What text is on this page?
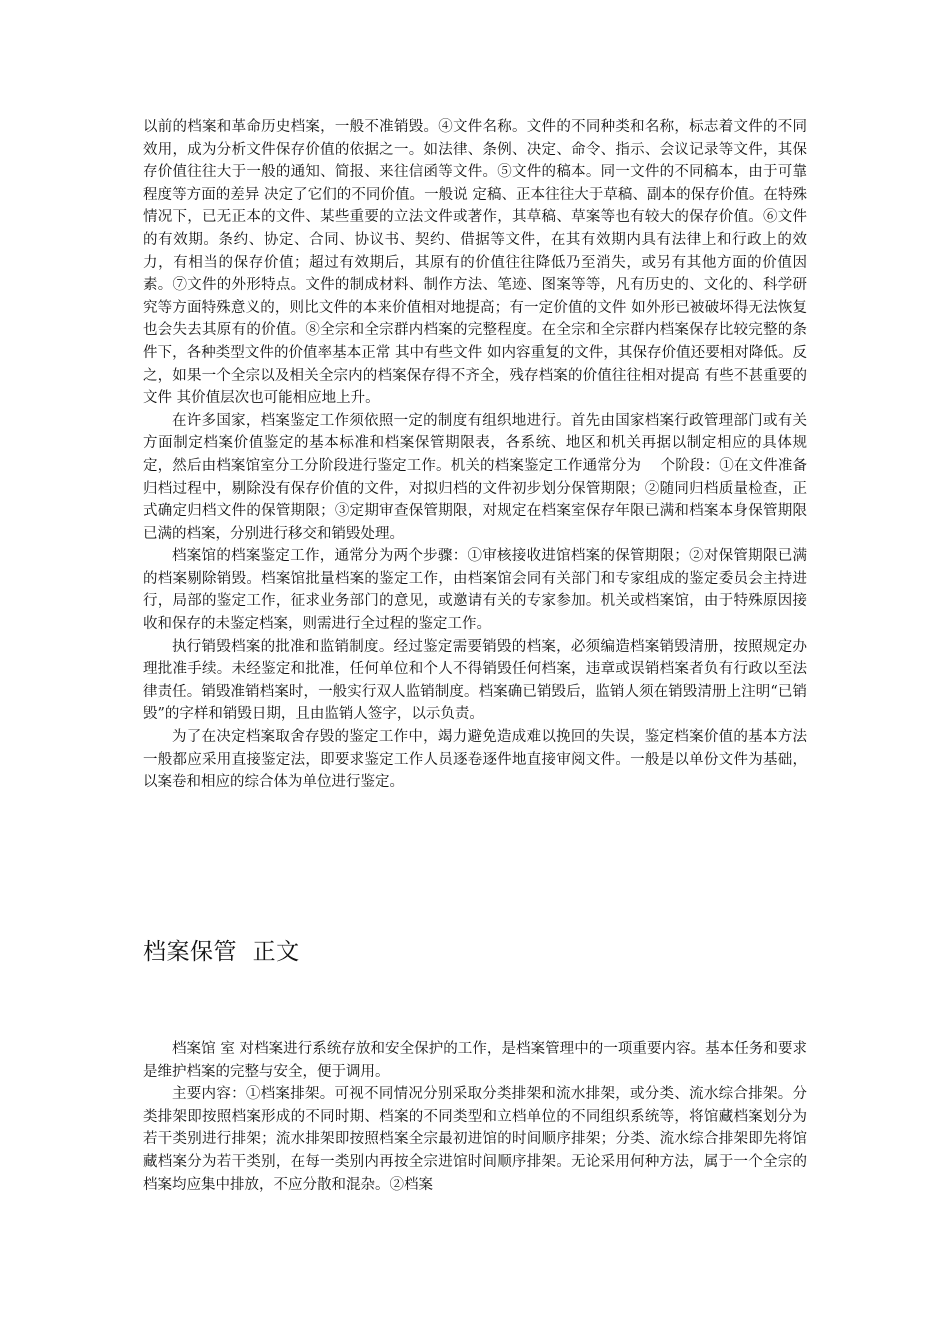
以前的档案和革命历史档案，一般不准销毁。④文件名称。文件的不同种类和名称，标志着文件的不同效用，成为分析文件保存价值的依据之一。如法律、条例、决定、命令、指示、会议记录等文件，其保存价值往往大于一般的通知、简报、来往信函等文件。⑤文件的稿本。同一文件的不同稿本，由于可靠程度等方面的差异 决定了它们的不同价值。一般说 定稿、正本往往大于草稿、副本的保存价值。在特殊情况下，已无正本的文件、某些重要的立法文件或著作，其草稿、草案等也有较大的保存价值。⑥文件的有效期。条约、协定、合同、协议书、契约、借据等文件，在其有效期内具有法律上和行政上的效力，有相当的保存价值；超过有效期后，其原有的价值往往降低乃至消失，或另有其他方面的价值因素。⑦文件的外形特点。文件的制成材料、制作方法、笔迹、图案等等，凡有历史的、文化的、科学研究等方面特殊意义的，则比文件的本来价值相对地提高；有一定价值的文件 如外形已被破坏得无法恢复 也会失去其原有的价值。⑧全宗和全宗群内档案的完整程度。在全宗和全宗群内档案保存比较完整的条件下，各种类型文件的价值率基本正常 其中有些文件 如内容重复的文件，其保存价值还要相对降低。反之，如果一个全宗以及相关全宗内的档案保存得不齐全，残存档案的价值往往相对提高 有些不甚重要的文件 其价值层次也可能相应地上升。

在许多国家，档案鉴定工作须依照一定的制度有组织地进行。首先由国家档案行政管理部门或有关方面制定档案价值鉴定的基本标准和档案保管期限表，各系统、地区和机关再据以制定相应的具体规定，然后由档案馆室分工分阶段进行鉴定工作。机关的档案鉴定工作通常分为　 个阶段：①在文件准备归档过程中，剔除没有保存价值的文件，对拟归档的文件初步划分保管期限；②随同归档质量检查，正式确定归档文件的保管期限；③定期审查保管期限，对规定在档案室保存年限已满和档案本身保管期限已满的档案，分别进行移交和销毁处理。

档案馆的档案鉴定工作，通常分为两个步骤：①审核接收进馆档案的保管期限；②对保管期限已满的档案剔除销毁。档案馆批量档案的鉴定工作，由档案馆会同有关部门和专家组成的鉴定委员会主持进行，局部的鉴定工作，征求业务部门的意见，或邀请有关的专家参加。机关或档案馆，由于特殊原因接收和保存的未鉴定档案，则需进行全过程的鉴定工作。

执行销毁档案的批准和监销制度。经过鉴定需要销毁的档案，必须编造档案销毁清册，按照规定办理批准手续。未经鉴定和批准，任何单位和个人不得销毁任何档案，违章或误销档案者负有行政以至法律责任。销毁准销档案时，一般实行双人监销制度。档案确已销毁后，监销人须在销毁清册上注明“已销毁”的字样和销毁日期，且由监销人签字，以示负责。

为了在决定档案取舍存毁的鉴定工作中，竭力避免造成难以挽回的失误，鉴定档案价值的基本方法一般都应采用直接鉴定法，即要求鉴定工作人员逐卷逐件地直接审阅文件。一般是以单份文件为基础，以案卷和相应的综合体为单位进行鉴定。

档案保管  正文

档案馆 室 对档案进行系统存放和安全保护的工作，是档案管理中的一项重要内容。基本任务和要求是维护档案的完整与安全，便于调用。

主要内容：①档案排架。可视不同情况分别采取分类排架和流水排架，或分类、流水综合排架。分类排架即按照档案形成的不同时期、档案的不同类型和立档单位的不同组织系统等，将馆藏档案划分为若干类别进行排架；流水排架即按照档案全宗最初进馆的时间顺序排架；分类、流水综合排架即先将馆藏档案分为若干类别，在每一类别内再按全宗进馆时间顺序排架。无论采用何种方法，属于一个全宗的档案均应集中排放，不应分散和混杂。②档案
